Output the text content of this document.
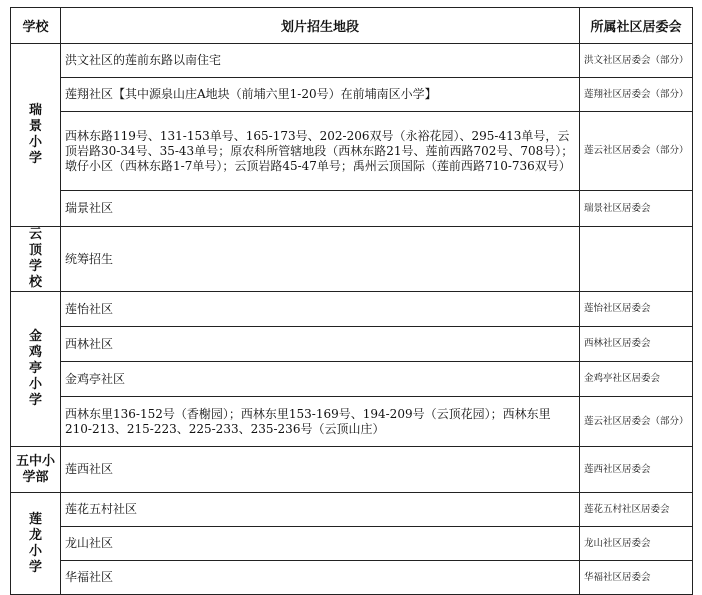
学校	划片招生地段	所属社区居委会
瑞景小学	洪文社区的莲前东路以南住宅	洪文社区居委会（部分）
	莲翔社区【其中源泉山庄A地块（前埔六里1-20号）在前埔南区小学】	莲翔社区居委会（部分）
	西林东路119号、131-153单号、165-173号、202-206双号（永裕花园）、295-413单号，云顶岩路30-34号、35-43单号；原农科所管辖地段（西林东路21号、莲前西路702号、708号）；墩仔小区（西林东路1-7单号）；云顶岩路45-47单号；禹州云顶国际（莲前西路710-736双号）	莲云社区居委会（部分）
	瑞景社区	瑞景社区居委会
云顶学校	统筹招生	
金鸡亭小学	莲怡社区	莲怡社区居委会
	西林社区	西林社区居委会
	金鸡亭社区	金鸡亭社区居委会
	西林东里136-152号（香榭园）；西林东里153-169号、194-209号（云顶花园）；西林东里210-213、215-223、225-233、235-236号（云顶山庄）	莲云社区居委会（部分）
五中小学部	莲西社区	莲西社区居委会
莲龙小学	莲花五村社区	莲花五村社区居委会
	龙山社区	龙山社区居委会
	华福社区	华福社区居委会
